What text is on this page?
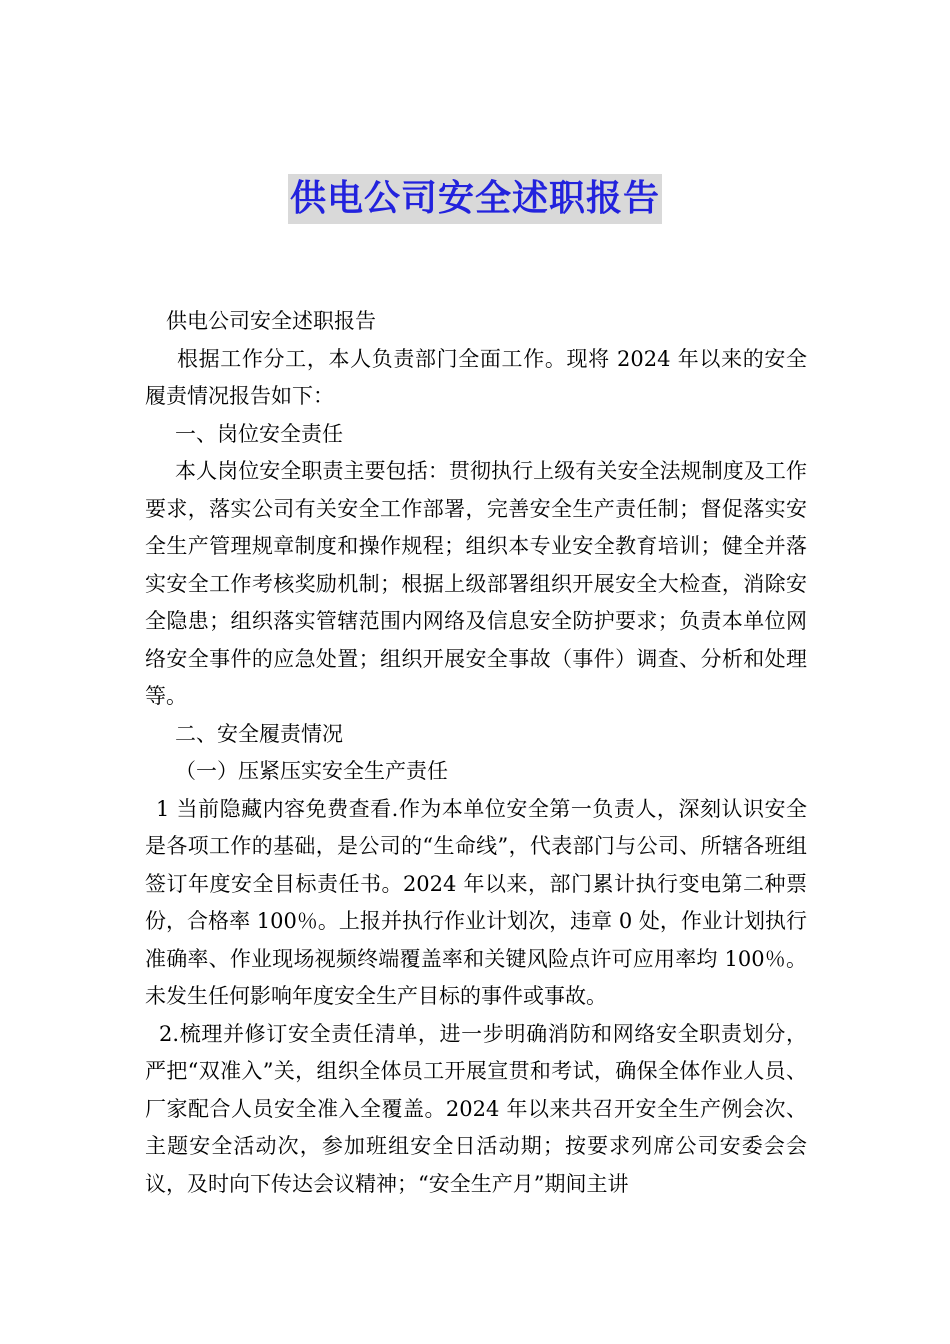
供电公司安全述职报告

供电公司安全述职报告

根据工作分工，本人负责部门全面工作。现将 2024 年以来的安全履责情况报告如下：

一、岗位安全责任

本人岗位安全职责主要包括：贯彻执行上级有关安全法规制度及工作要求，落实公司有关安全工作部署，完善安全生产责任制；督促落实安全生产管理规章制度和操作规程；组织本专业安全教育培训；健全并落实安全工作考核奖励机制；根据上级部署组织开展安全大检查，消除安全隐患；组织落实管辖范围内网络及信息安全防护要求；负责本单位网络安全事件的应急处置；组织开展安全事故（事件）调查、分析和处理等。

二、安全履责情况

（一）压紧压实安全生产责任

1 当前隐藏内容免费查看.作为本单位安全第一负责人，深刻认识安全是各项工作的基础，是公司的“生命线”，代表部门与公司、所辖各班组签订年度安全目标责任书。2024 年以来，部门累计执行变电第二种票份，合格率 100％。上报并执行作业计划次，违章 0 处，作业计划执行准确率、作业现场视频终端覆盖率和关键风险点许可应用率均 100％。未发生任何影响年度安全生产目标的事件或事故。

2.梳理并修订安全责任清单，进一步明确消防和网络安全职责划分，严把“双准入”关，组织全体员工开展宣贯和考试，确保全体作业人员、厂家配合人员安全准入全覆盖。2024 年以来共召开安全生产例会次、主题安全活动次，参加班组安全日活动期；按要求列席公司安委会会议，及时向下传达会议精神；“安全生产月”期间主讲
